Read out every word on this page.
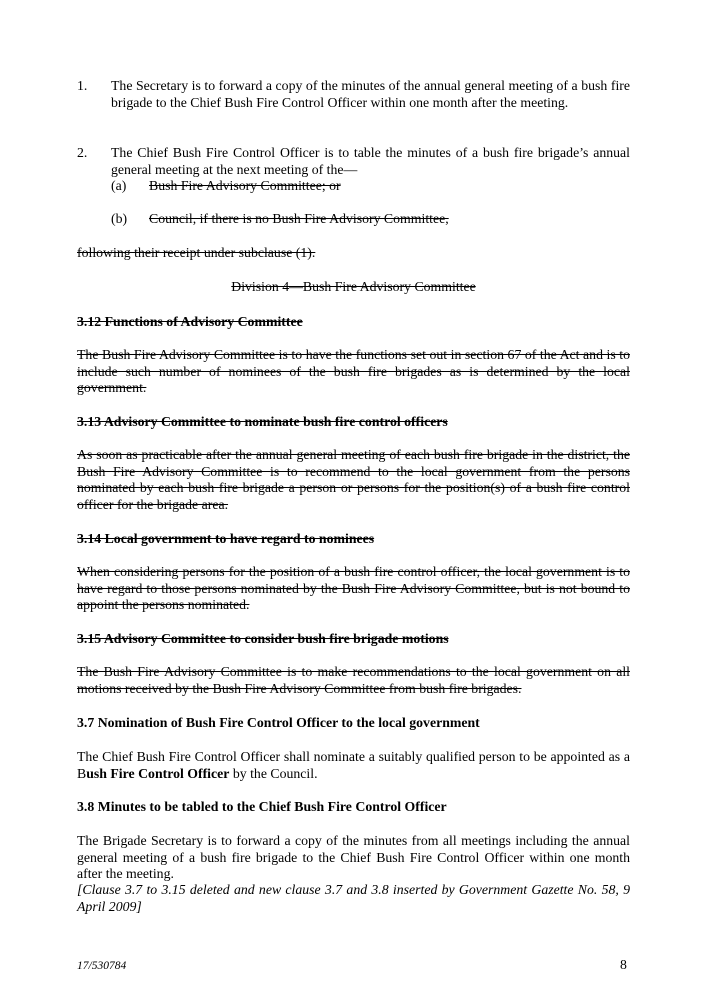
1. The Secretary is to forward a copy of the minutes of the annual general meeting of a bush fire brigade to the Chief Bush Fire Control Officer within one month after the meeting.
2. The Chief Bush Fire Control Officer is to table the minutes of a bush fire brigade’s annual general meeting at the next meeting of the—
(a) Bush Fire Advisory Committee; or
(b) Council, if there is no Bush Fire Advisory Committee,
following their receipt under subclause (1).
Division 4—Bush Fire Advisory Committee
3.12 Functions of Advisory Committee
The Bush Fire Advisory Committee is to have the functions set out in section 67 of the Act and is to include such number of nominees of the bush fire brigades as is determined by the local government.
3.13 Advisory Committee to nominate bush fire control officers
As soon as practicable after the annual general meeting of each bush fire brigade in the district, the Bush Fire Advisory Committee is to recommend to the local government from the persons nominated by each bush fire brigade a person or persons for the position(s) of a bush fire control officer for the brigade area.
3.14 Local government to have regard to nominees
When considering persons for the position of a bush fire control officer, the local government is to have regard to those persons nominated by the Bush Fire Advisory Committee, but is not bound to appoint the persons nominated.
3.15 Advisory Committee to consider bush fire brigade motions
The Bush Fire Advisory Committee is to make recommendations to the local government on all motions received by the Bush Fire Advisory Committee from bush fire brigades.
3.7 Nomination of Bush Fire Control Officer to the local government
The Chief Bush Fire Control Officer shall nominate a suitably qualified person to be appointed as a Bush Fire Control Officer by the Council.
3.8 Minutes to be tabled to the Chief Bush Fire Control Officer
The Brigade Secretary is to forward a copy of the minutes from all meetings including the annual general meeting of a bush fire brigade to the Chief Bush Fire Control Officer within one month after the meeting.
[Clause 3.7 to 3.15 deleted and new clause 3.7 and 3.8 inserted by Government Gazette No. 58, 9 April 2009]
17/530784	8
